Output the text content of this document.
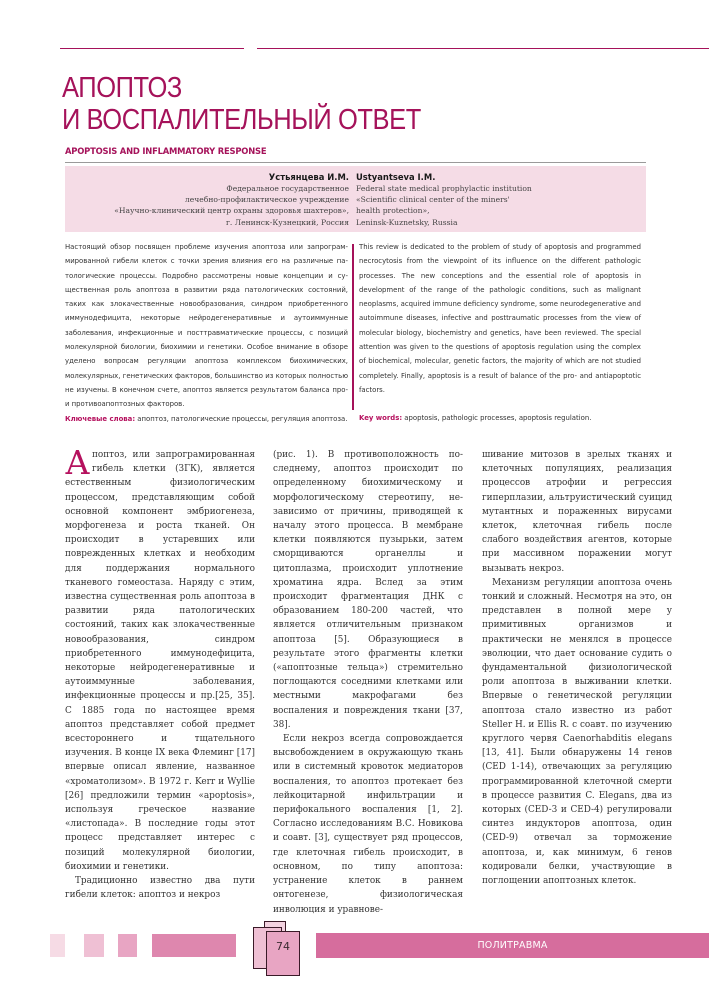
АПОПТОЗ
И ВОСПАЛИТЕЛЬНЫЙ ОТВЕТ
APOPTOSIS AND INFLAMMATORY RESPONSE
Устьянцева И.М.
Федеральное государственное
лечебно-профилактическое учреждение
«Научно-клинический центр охраны здоровья шахтеров»,
г. Ленинск-Кузнецкий, Россия
Ustyantseva I.M.
Federal state medical prophylactic institution
«Scientific clinical center of the miners'
health protection»,
Leninsk-Kuznetsky, Russia
Настоящий обзор посвящен проблеме изучения апоптоза или запрограммированной гибели клеток с точки зрения влияния его на различные патологические процессы. Подробно рассмотрены новые концепции и существенная роль апоптоза в развитии ряда патологических состояний, таких как злокачественные новообразования, синдром приобретенного иммунодефицита, некоторые нейродегенеративные и аутоиммунные заболевания, инфекционные и посттравматические процессы, с позиций молекулярной биологии, биохимии и генетики. Особое внимание в обзоре уделено вопросам регуляции апоптоза комплексом биохимических, молекулярных, генетических факторов, большинство из которых полностью не изучены. В конечном счете, апоптоз является результатом баланса про- и противоапоптозных факторов.
Ключевые слова: апоптоз, патологические процессы, регуляция апоптоза.
This review is dedicated to the problem of study of apoptosis and programmed necrocytosis from the viewpoint of its influence on the different pathologic processes. The new conceptions and the essential role of apoptosis in development of the range of the pathologic conditions, such as malignant neoplasms, acquired immune deficiency syndrome, some neurodegenerative and autoimmune diseases, infective and posttraumatic processes from the view of molecular biology, biochemistry and genetics, have been reviewed. The special attention was given to the questions of apoptosis regulation using the complex of biochemical, molecular, genetic factors, the majority of which are not studied completely. Finally, apoptosis is a result of balance of the pro- and antiapoptotic factors.
Key words: apoptosis, pathologic processes, apoptosis regulation.

Апоптоз, или запрограмированная гибель клетки (ЗГК), является естественным физиологическим процессом, представляющим собой основной компонент эмбриогенеза, морфогенеза и роста тканей. Он происходит в устаревших или поврежденных клетках и необходим для поддержания нормального тканевого гомеостаза. Наряду с этим, известна существенная роль апоптоза в развитии ряда патологических состояний, таких как злокачественные новообразования, синдром приобретенного иммунодефицита, некоторые нейродегенеративные и аутоиммунные заболевания, инфекционные процессы и пр.[25, 35]. С 1885 года по настоящее время апоптоз представляет собой предмет всестороннего и тщательного изучения. В конце IX века Флеминг [17] впервые описал явление, названное «хроматолизом». В 1972 г. Kerr и Wyllie [26] предложили термин «apoptosis», используя греческое название «листопада». В последние годы этот процесс представляет интерес с позиций молекулярной биологии, биохимии и генетики.

Традиционно известно два пути гибели клеток: апоптоз и некроз

(рис. 1). В противоположность последнему, апоптоз происходит по определенному биохимическому и морфологическому стереотипу, независимо от причины, приводящей к началу этого процесса. В мембране клетки появляются пузырьки, затем сморщиваются органеллы и цитоплазма, происходит уплотнение хроматина ядра. Вслед за этим происходит фрагментация ДНК с образованием 180-200 частей, что является отличительным признаком апоптоза [5]. Образующиеся в результате этого фрагменты клетки («апоптозные тельца») стремительно поглощаются соседними клетками или местными макрофагами без воспаления и повреждения ткани [37, 38].

Если некроз всегда сопровождается высвобождением в окружающую ткань или в системный кровоток медиаторов воспаления, то апоптоз протекает без лейкоцитарной инфильтрации и перифокального воспаления [1, 2]. Согласно исследованиям В.С. Новикова и соавт. [3], существует ряд процессов, где клеточная гибель происходит, в основном, по типу апоптоза: устранение клеток в раннем онтогенезе, физиологическая инволюция и уравнове-

шивание митозов в зрелых тканях и клеточных популяциях, реализация процессов атрофии и регрессия гиперплазии, альтруистический суицид мутантных и пораженных вирусами клеток, клеточная гибель после слабого воздействия агентов, которые при массивном поражении могут вызывать некроз.

Механизм регуляции апоптоза очень тонкий и сложный. Несмотря на это, он представлен в полной мере у примитивных организмов и практически не менялся в процессе эволюции, что дает основание судить о фундаментальной физиологической роли апоптоза в выживании клетки. Впервые о генетической регуляции апоптоза стало известно из работ Steller H. и Ellis R. с соавт. по изучению круглого червя Caenorhabditis elegans [13, 41]. Были обнаружены 14 генов (CED 1-14), отвечающих за регуляцию программированной клеточной смерти в процессе развития C. Elegans, два из которых (CED-3 и CED-4) регулировали синтез индукторов апоптоза, один (CED-9) отвечал за торможение апоптоза, и, как минимум, 6 генов кодировали белки, участвующие в поглощении апоптозных клеток.

74	ПОЛИТРАВМА
